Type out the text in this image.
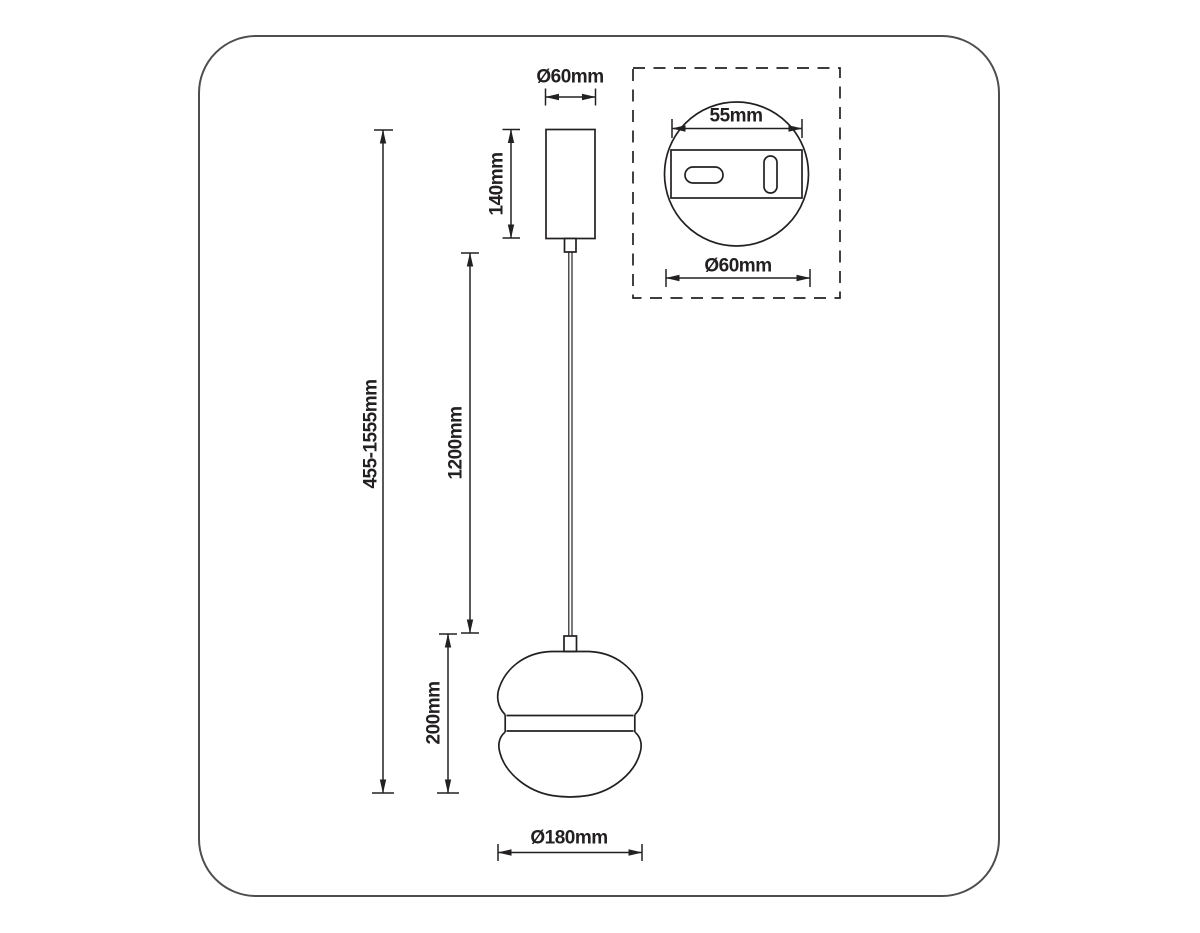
Ø60mm
140mm
1200mm
455-1555mm
200mm
Ø180mm
55mm
Ø60mm
